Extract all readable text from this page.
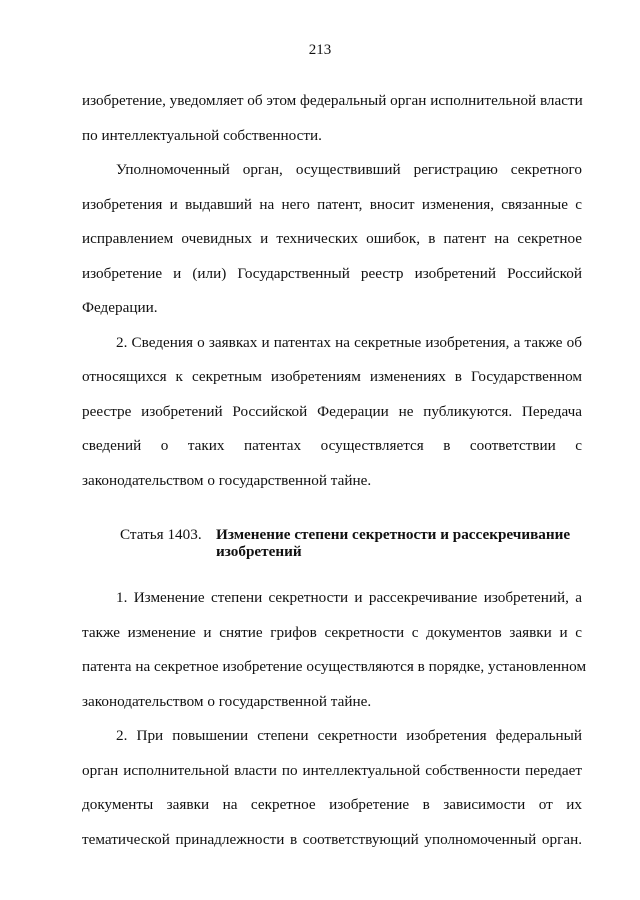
213
изобретение, уведомляет об этом федеральный орган исполнительной власти
по интеллектуальной собственности.
Уполномоченный орган, осуществивший регистрацию секретного
изобретения и выдавший на него патент, вносит изменения, связанные с
исправлением очевидных и технических ошибок, в патент на секретное
изобретение и (или) Государственный реестр изобретений Российской
Федерации.
2. Сведения о заявках и патентах на секретные изобретения, а также об
относящихся к секретным изобретениям изменениях в Государственном
реестре изобретений Российской Федерации не публикуются. Передача
сведений о таких патентах осуществляется в соответствии с
законодательством о государственной тайне.
Статья 1403. Изменение степени секретности и рассекречивание изобретений
1. Изменение степени секретности и рассекречивание изобретений, а
также изменение и снятие грифов секретности с документов заявки и с
патента на секретное изобретение осуществляются в порядке, установленном
законодательством о государственной тайне.
2. При повышении степени секретности изобретения федеральный
орган исполнительной власти по интеллектуальной собственности передает
документы заявки на секретное изобретение в зависимости от их
тематической принадлежности в соответствующий уполномоченный орган.
